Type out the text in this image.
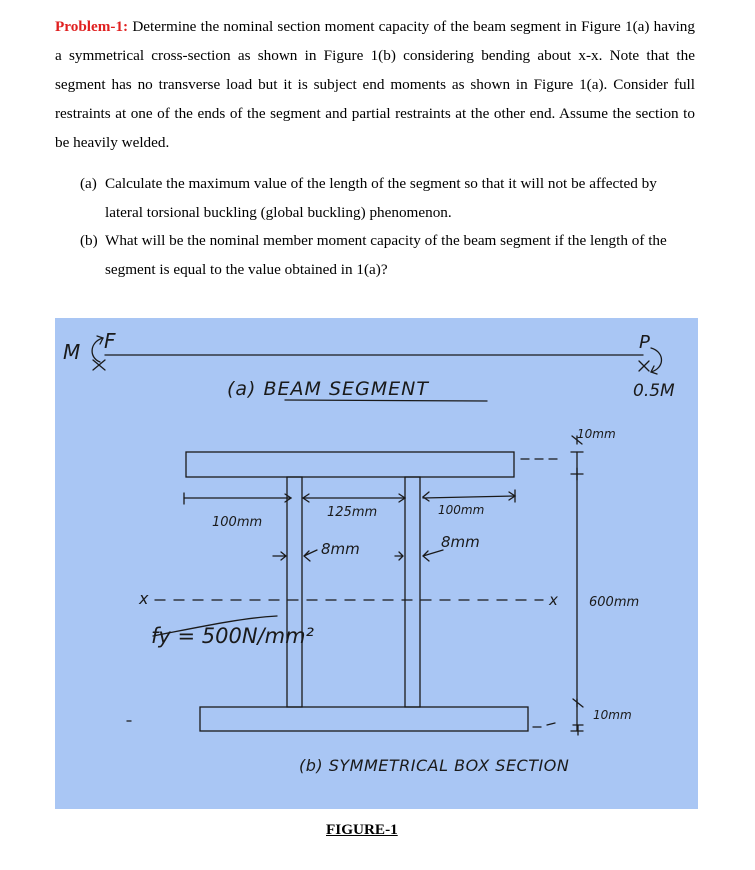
Problem-1: Determine the nominal section moment capacity of the beam segment in Figure 1(a) having a symmetrical cross-section as shown in Figure 1(b) considering bending about x-x. Note that the segment has no transverse load but it is subject end moments as shown in Figure 1(a). Consider full restraints at one of the ends of the segment and partial restraints at the other end. Assume the section to be heavily welded.
(a) Calculate the maximum value of the length of the segment so that it will not be affected by lateral torsional buckling (global buckling) phenomenon.
(b) What will be the nominal member moment capacity of the beam segment if the length of the segment is equal to the value obtained in 1(a)?
M F	P
0.5M
(a) BEAM SEGMENT
10mm
10mm
600mm
100mm
125mm	100mm
8mm	8mm
x	x
fy = 500N/mm²
(b) SYMMETRICAL BOX SECTION
FIGURE-1
